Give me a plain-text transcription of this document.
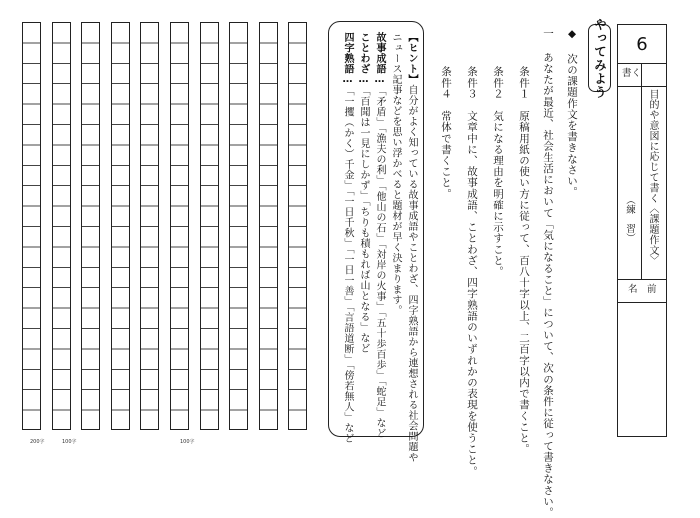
200字	100字	100字
【ヒント】自分がよく知っている故事成語やことわざ、四字熟語から連想される社会問題や
ニュース記事などを思い浮かべると題材が早く決まります。
故事成語…「矛盾」「漁夫の利」「他山の石」「対岸の火事」「五十歩百歩」「蛇足」など
ことわざ…「百聞は一見にしかず」「ちりも積もれば山となる」など
四字熟語…「一攫（かく）千金」「一日千秋」「一日一善」「言語道断」「傍若無人」など	◆ 次の課題作文を書きなさい。
一 あなたが最近、社会生活において「気になること」について、次の条件に従って書きなさい。
条件１　原稿用紙の使い方に従って、百八十字以上、二百字以内で書くこと。
条件２　気になる理由を明確に示すこと。
条件３　文章中に、故事成語、ことわざ、四字熟語のいずれかの表現を使うこと。
条件４　常体で書くこと。
やってみよう	6
書く
目的や意図に応じて書く〈課題作文〉
（練　習）
名　前
